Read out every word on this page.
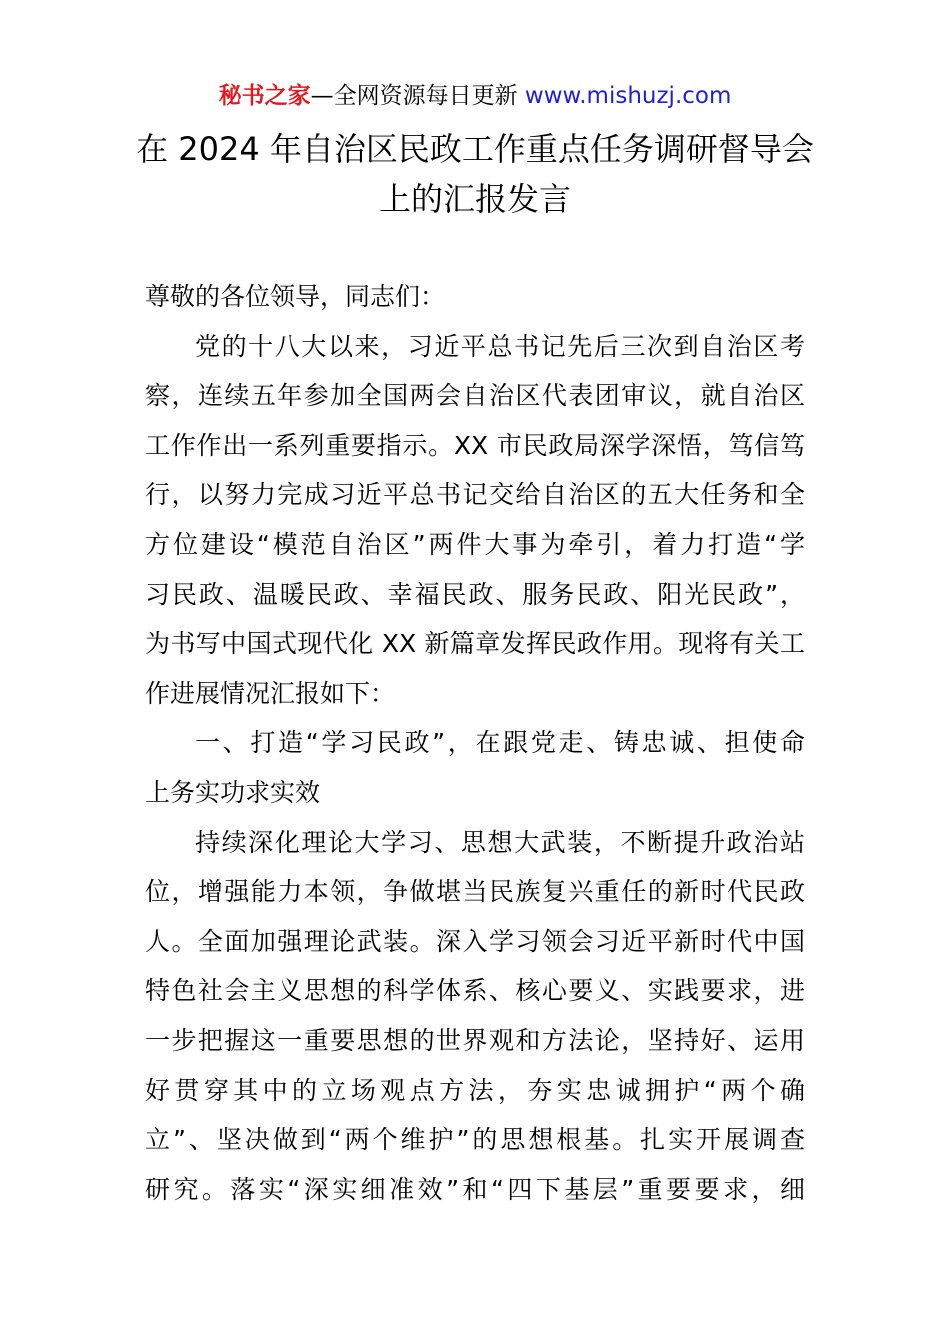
秘书之家—全网资源每日更新 www.mishuzj.com
在 2024 年自治区民政工作重点任务调研督导会
上的汇报发言
尊敬的各位领导，同志们：
党的十八大以来，习近平总书记先后三次到自治区考
察，连续五年参加全国两会自治区代表团审议，就自治区
工作作出一系列重要指示。XX 市民政局深学深悟，笃信笃
行，以努力完成习近平总书记交给自治区的五大任务和全
方位建设“模范自治区”两件大事为牵引，着力打造“学
习民政、温暖民政、幸福民政、服务民政、阳光民政”，
为书写中国式现代化 XX 新篇章发挥民政作用。现将有关工
作进展情况汇报如下：
一、打造“学习民政”，在跟党走、铸忠诚、担使命
上务实功求实效
持续深化理论大学习、思想大武装，不断提升政治站
位，增强能力本领，争做堪当民族复兴重任的新时代民政
人。全面加强理论武装。深入学习领会习近平新时代中国
特色社会主义思想的科学体系、核心要义、实践要求，进
一步把握这一重要思想的世界观和方法论，坚持好、运用
好贯穿其中的立场观点方法，夯实忠诚拥护“两个确
立”、坚决做到“两个维护”的思想根基。扎实开展调查
研究。落实“深实细准效”和“四下基层”重要要求，细
